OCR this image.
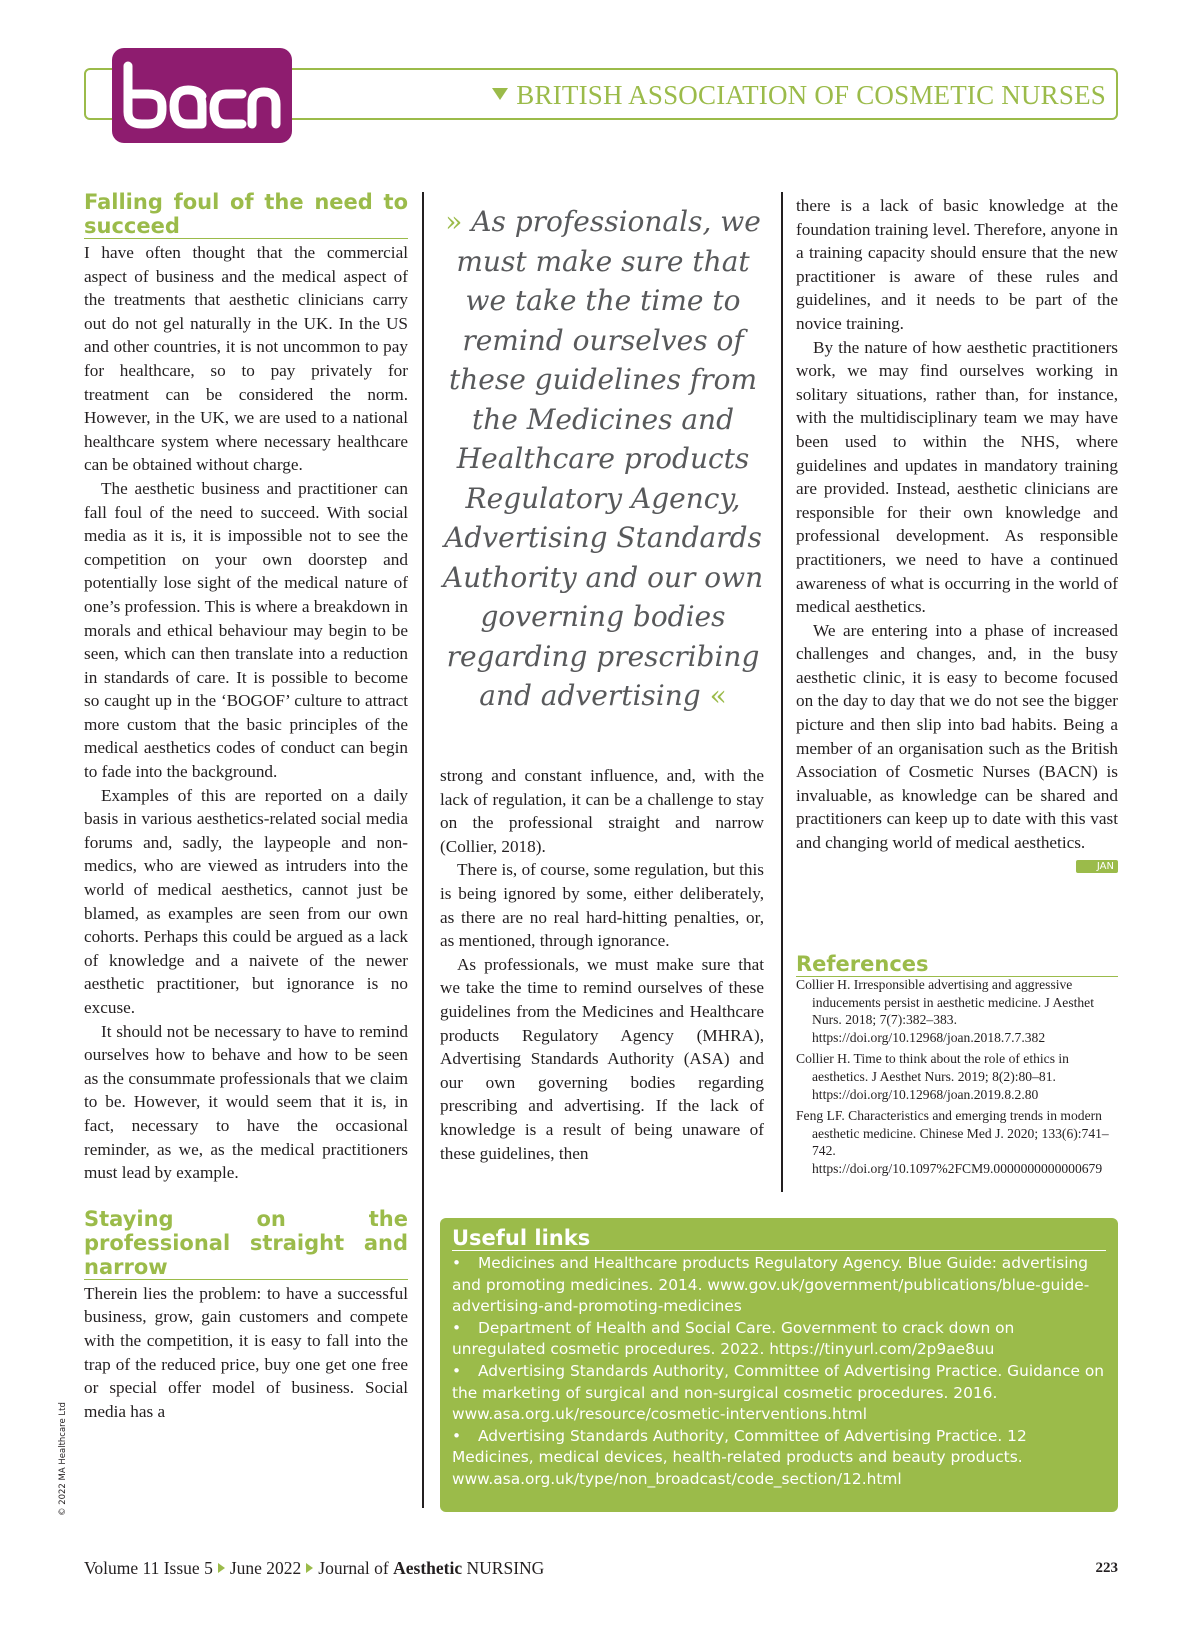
BRITISH ASSOCIATION OF COSMETIC NURSES
Falling foul of the need to succeed

I have often thought that the commercial aspect of business and the medical aspect of the treatments that aesthetic clinicians carry out do not gel naturally in the UK. In the US and other countries, it is not uncommon to pay for healthcare, so to pay privately for treatment can be considered the norm. However, in the UK, we are used to a national healthcare system where necessary healthcare can be obtained without charge.

The aesthetic business and practitioner can fall foul of the need to succeed. With social media as it is, it is impossible not to see the competition on your own doorstep and potentially lose sight of the medical nature of one’s profession. This is where a breakdown in morals and ethical behaviour may begin to be seen, which can then translate into a reduction in standards of care. It is possible to become so caught up in the ‘BOGOF’ culture to attract more custom that the basic principles of the medical aesthetics codes of conduct can begin to fade into the background.

Examples of this are reported on a daily basis in various aesthetics-related social media forums and, sadly, the laypeople and non-medics, who are viewed as intruders into the world of medical aesthetics, cannot just be blamed, as examples are seen from our own cohorts. Perhaps this could be argued as a lack of knowledge and a naivete of the newer aesthetic practitioner, but ignorance is no excuse.

It should not be necessary to have to remind ourselves how to behave and how to be seen as the consummate professionals that we claim to be. However, it would seem that it is, in fact, necessary to have the occasional reminder, as we, as the medical practitioners must lead by example.

Staying on the professional straight and narrow

Therein lies the problem: to have a successful business, grow, gain customers and compete with the competition, it is easy to fall into the trap of the reduced price, buy one get one free or special offer model of business. Social media has a

» As professionals, we must make sure that we take the time to remind ourselves of these guidelines from the Medicines and Healthcare products Regulatory Agency, Advertising Standards Authority and our own governing bodies regarding prescribing and advertising «

strong and constant influence, and, with the lack of regulation, it can be a challenge to stay on the professional straight and narrow (Collier, 2018).

There is, of course, some regulation, but this is being ignored by some, either deliberately, as there are no real hard-hitting penalties, or, as mentioned, through ignorance.

As professionals, we must make sure that we take the time to remind ourselves of these guidelines from the Medicines and Healthcare products Regulatory Agency (MHRA), Advertising Standards Authority (ASA) and our own governing bodies regarding prescribing and advertising. If the lack of knowledge is a result of being unaware of these guidelines, then

there is a lack of basic knowledge at the foundation training level. Therefore, anyone in a training capacity should ensure that the new practitioner is aware of these rules and guidelines, and it needs to be part of the novice training.

By the nature of how aesthetic practitioners work, we may find ourselves working in solitary situations, rather than, for instance, with the multidisciplinary team we may have been used to within the NHS, where guidelines and updates in mandatory training are provided. Instead, aesthetic clinicians are responsible for their own knowledge and professional development. As responsible practitioners, we need to have a continued awareness of what is occurring in the world of medical aesthetics.

We are entering into a phase of increased challenges and changes, and, in the busy aesthetic clinic, it is easy to become focused on the day to day that we do not see the bigger picture and then slip into bad habits. Being a member of an organisation such as the British Association of Cosmetic Nurses (BACN) is invaluable, as knowledge can be shared and practitioners can keep up to date with this vast and changing world of medical aesthetics.
JAN

References

Collier H. Irresponsible advertising and aggressive inducements persist in aesthetic medicine. J Aesthet Nurs. 2018; 7(7):382–383. https://doi.org/10.12968/joan.2018.7.7.382

Collier H. Time to think about the role of ethics in aesthetics. J Aesthet Nurs. 2019; 8(2):80–81. https://doi.org/10.12968/joan.2019.8.2.80

Feng LF. Characteristics and emerging trends in modern aesthetic medicine. Chinese Med J. 2020; 133(6):741–742. https://doi.org/10.1097%2FCM9.0000000000000679

Useful links

• Medicines and Healthcare products Regulatory Agency. Blue Guide: advertising and promoting medicines. 2014. www.gov.uk/government/publications/blue-guide-advertising-and-promoting-medicines

• Department of Health and Social Care. Government to crack down on unregulated cosmetic procedures. 2022. https://tinyurl.com/2p9ae8uu

• Advertising Standards Authority, Committee of Advertising Practice. Guidance on the marketing of surgical and non-surgical cosmetic procedures. 2016. www.asa.org.uk/resource/cosmetic-interventions.html

• Advertising Standards Authority, Committee of Advertising Practice. 12 Medicines, medical devices, health-related products and beauty products. www.asa.org.uk/type/non_broadcast/code_section/12.html

© 2022 MA Healthcare Ltd
Volume 11 Issue 5 June 2022 Journal of Aesthetic NURSING	223
